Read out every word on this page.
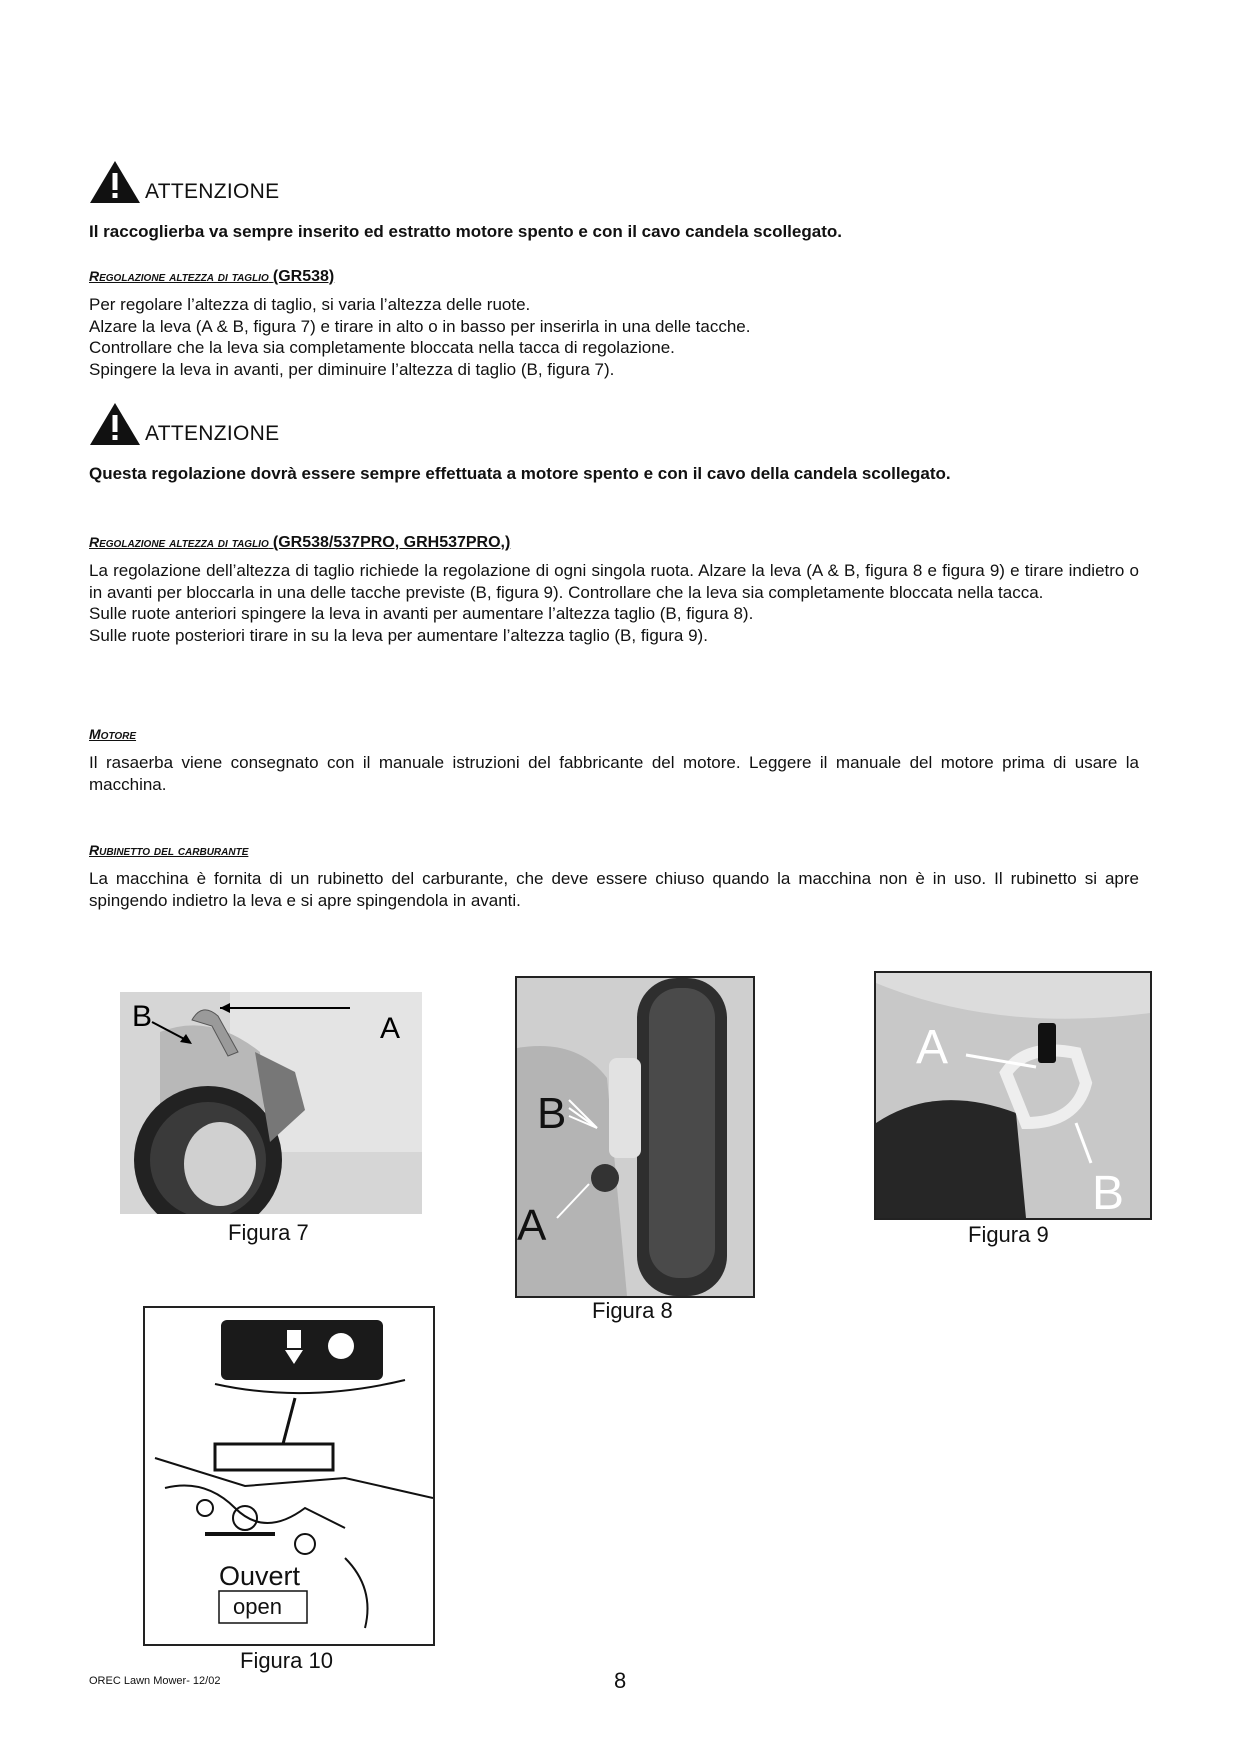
ATTENZIONE
Il raccoglierba va sempre inserito ed estratto motore spento e con il cavo candela scollegato.
Regolazione altezza di taglio (GR538)

Per regolare l’altezza di taglio, si varia l’altezza delle ruote.

Alzare la leva (A & B, figura 7) e tirare in alto o in basso per inserirla in una delle tacche.

Controllare che la leva sia completamente bloccata nella tacca di regolazione.

Spingere la leva in avanti, per diminuire l’altezza di taglio (B, figura 7).

ATTENZIONE
Questa regolazione dovrà essere sempre effettuata a motore spento e con il cavo della candela scollegato.
Regolazione altezza di taglio (GR538/537PRO, GRH537PRO,)

La regolazione dell’altezza di taglio richiede la regolazione di ogni singola ruota. Alzare la leva (A & B, figura 8 e figura 9) e tirare indietro o in avanti per bloccarla in una delle tacche previste (B, figura 9). Controllare che la leva sia completamente bloccata nella tacca.

Sulle ruote anteriori spingere la leva in avanti per aumentare l’altezza taglio (B, figura 8).

Sulle ruote posteriori tirare in su la leva per aumentare l’altezza taglio (B, figura 9).

Motore

Il rasaerba viene consegnato con il manuale istruzioni del fabbricante del motore. Leggere il manuale del motore prima di usare la macchina.

Rubinetto del carburante

La macchina è fornita di un rubinetto del carburante, che deve essere chiuso quando la macchina non è in uso. Il rubinetto si apre spingendo indietro la leva e si apre spingendola in avanti.

B	A
Figura 7
B
A
Figura 8
A
B
Figura 9
Ouvert
open
Figura 10
OREC Lawn Mower- 12/02	8
